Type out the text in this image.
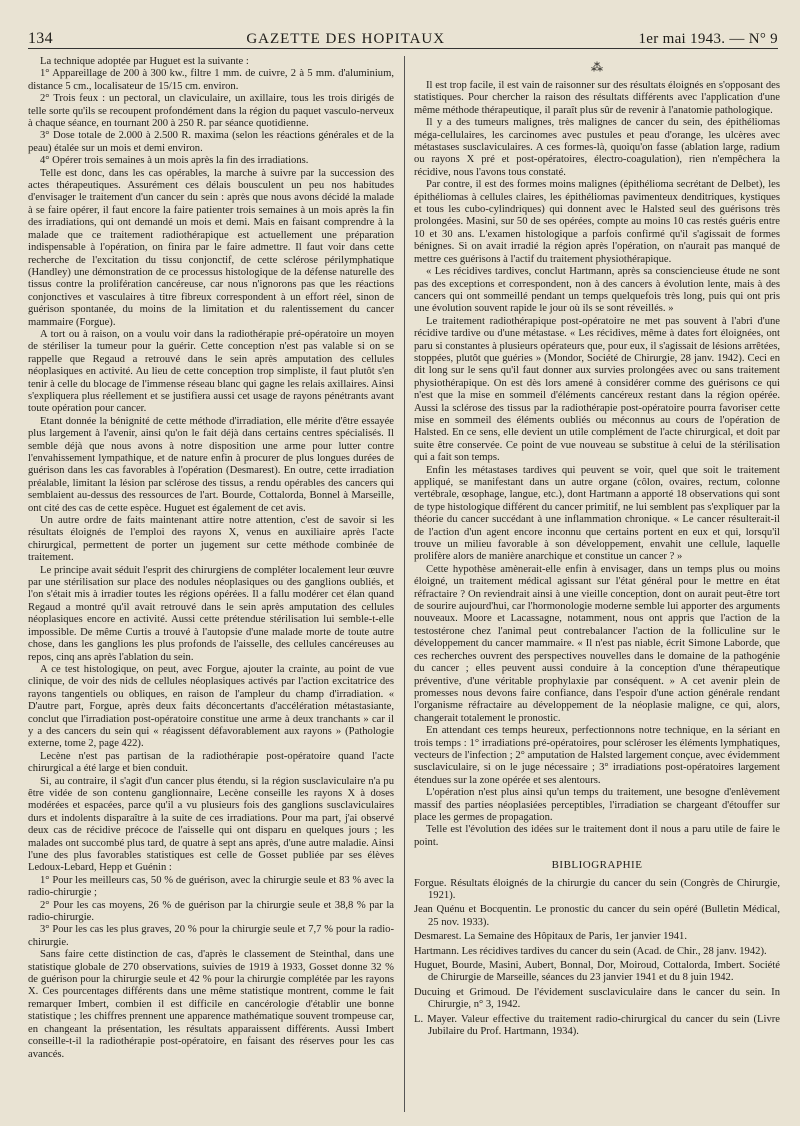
134	GAZETTE DES HOPITAUX	1er mai 1943. — N° 9

La technique adoptée par Huguet est la suivante :

1° Appareillage de 200 à 300 kw., filtre 1 mm. de cuivre, 2 à 5 mm. d'aluminium, distance 5 cm., localisateur de 15/15 cm. environ.

2° Trois feux : un pectoral, un claviculaire, un axillaire, tous les trois dirigés de telle sorte qu'ils se recoupent profondément dans la région du paquet vasculo-nerveux à chaque séance, en tournant 200 à 250 R. par séance quotidienne.

3° Dose totale de 2.000 à 2.500 R. maxima (selon les réactions générales et de la peau) étalée sur un mois et demi environ.

4° Opérer trois semaines à un mois après la fin des irradiations.

Telle est donc, dans les cas opérables, la marche à suivre par la succession des actes thérapeutiques. Assurément ces délais bousculent un peu nos habitudes d'envisager le traitement d'un cancer du sein : après que nous avons décidé la malade à se faire opérer, il faut encore la faire patienter trois semaines à un mois après la fin des irradiations, qui ont demandé un mois et demi. Mais en faisant comprendre à la malade que ce traitement radiothérapique est actuellement une préparation indispensable à l'opération, on finira par le faire admettre. Il faut voir dans cette recherche de l'excitation du tissu conjonctif, de cette sclérose périlymphatique (Handley) une démonstration de ce processus histologique de la défense naturelle des tissus contre la prolifération cancéreuse, car nous n'ignorons pas que les réactions conjonctives et vasculaires à titre fibreux correspondent à un effort réel, sinon de guérison spontanée, du moins de la limitation et du ralentissement du cancer mammaire (Forgue).

A tort ou à raison, on a voulu voir dans la radiothérapie pré-opératoire un moyen de stériliser la tumeur pour la guérir. Cette conception n'est pas valable si on se rappelle que Regaud a retrouvé dans le sein après amputation des cellules néoplasiques en activité. Au lieu de cette conception trop simpliste, il faut plutôt s'en tenir à celle du blocage de l'immense réseau blanc qui gagne les relais axillaires. Ainsi s'expliquera plus réellement et se justifiera aussi cet usage de rayons pénétrants avant toute opération pour cancer.

Etant donnée la bénignité de cette méthode d'irradiation, elle mérite d'être essayée plus largement à l'avenir, ainsi qu'on le fait déjà dans certains centres spécialisés. Il semble déjà que nous avons à notre disposition une arme pour lutter contre l'envahissement lympathique, et de nature enfin à procurer de plus longues durées de guérison dans les cas favorables à l'opération (Desmarest). En outre, cette irradiation préalable, limitant la lésion par sclérose des tissus, a rendu opérables des cancers qui semblaient au-dessus des ressources de l'art. Bourde, Cottalorda, Bonnel à Marseille, ont cité des cas de cette espèce. Huguet est également de cet avis.

Un autre ordre de faits maintenant attire notre attention, c'est de savoir si les résultats éloignés de l'emploi des rayons X, venus en auxiliaire après l'acte chirurgical, permettent de porter un jugement sur cette méthode combinée de traitement.

Le principe avait séduit l'esprit des chirurgiens de compléter localement leur œuvre par une stérilisation sur place des nodules néoplasiques ou des ganglions oubliés, et l'on s'était mis à irradier toutes les régions opérées. Il a fallu modérer cet élan quand Regaud a montré qu'il avait retrouvé dans le sein après amputation des cellules néoplasiques encore en activité. Aussi cette prétendue stérilisation lui semble-t-elle impossible. De même Curtis a trouvé à l'autopsie d'une malade morte de toute autre chose, dans les ganglions les plus profonds de l'aisselle, des cellules cancéreuses au repos, cinq ans après l'ablation du sein.

A ce test histologique, on peut, avec Forgue, ajouter la crainte, au point de vue clinique, de voir des nids de cellules néoplasiques activés par l'action excitatrice des rayons tangentiels ou obliques, en raison de l'ampleur du champ d'irradiation. « D'autre part, Forgue, après deux faits déconcertants d'accélération métastasiante, conclut que l'irradiation post-opératoire constitue une arme à deux tranchants » car il y a des cancers du sein qui « réagissent défavorablement aux rayons » (Pathologie externe, tome 2, page 422).

Lecène n'est pas partisan de la radiothérapie post-opératoire quand l'acte chirurgical a été large et bien conduit.

Si, au contraire, il s'agit d'un cancer plus étendu, si la région susclaviculaire n'a pu être vidée de son contenu ganglionnaire, Lecène conseille les rayons X à doses modérées et espacées, parce qu'il a vu plusieurs fois des ganglions susclaviculaires durs et indolents disparaître à la suite de ces irradiations. Pour ma part, j'ai observé deux cas de récidive précoce de l'aisselle qui ont disparu en quelques jours ; les malades ont succombé plus tard, de quatre à sept ans après, d'une autre maladie. Ainsi l'une des plus favorables statistiques est celle de Gosset publiée par ses élèves Ledoux-Lebard, Hepp et Guénin :

1° Pour les meilleurs cas, 50 % de guérison, avec la chirurgie seule et 83 % avec la radio-chirurgie ;

2° Pour les cas moyens, 26 % de guérison par la chirurgie seule et 38,8 % par la radio-chirurgie.

3° Pour les cas les plus graves, 20 % pour la chirurgie seule et 7,7 % pour la radio-chirurgie.

Sans faire cette distinction de cas, d'après le classement de Steinthal, dans une statistique globale de 270 observations, suivies de 1919 à 1933, Gosset donne 32 % de guérison pour la chirurgie seule et 42 % pour la chirurgie complétée par les rayons X. Ces pourcentages différents dans une même statistique montrent, comme le fait remarquer Imbert, combien il est difficile en cancérologie d'établir une bonne statistique ; les chiffres prennent une apparence mathématique souvent trompeuse car, en changeant la présentation, les résultats apparaissent différents. Aussi Imbert conseille-t-il la radiothérapie post-opératoire, en faisant des réserves pour les cas avancés.

⁂

Il est trop facile, il est vain de raisonner sur des résultats éloignés en s'opposant des statistiques. Pour chercher la raison des résultats différents avec l'application d'une même méthode thérapeutique, il paraît plus sûr de revenir à l'anatomie pathologique.

Il y a des tumeurs malignes, très malignes de cancer du sein, des épithéliomas méga-cellulaires, les carcinomes avec pustules et peau d'orange, les ulcères avec métastases susclaviculaires. A ces formes-là, quoiqu'on fasse (ablation large, radium ou rayons X pré et post-opératoires, électro-coagulation), rien n'empêchera la récidive, nous l'avons tous constaté.

Par contre, il est des formes moins malignes (épithélioma secrétant de Delbet), les épithéliomas à cellules claires, les épithéliomas pavimenteux denditriques, kystiques et tous les cubo-cylindriques) qui donnent avec le Halsted seul des guérisons très prolongées. Masini, sur 50 de ses opérées, compte au moins 10 cas restés guéris entre 10 et 30 ans. L'examen histologique a parfois confirmé qu'il s'agissait de formes bénignes. Si on avait irradié la région après l'opération, on n'aurait pas manqué de mettre ces guérisons à l'actif du traitement physiothérapique.

« Les récidives tardives, conclut Hartmann, après sa consciencieuse étude ne sont pas des exceptions et correspondent, non à des cancers à évolution lente, mais à des cancers qui ont sommeillé pendant un temps quelquefois très long, puis qui ont pris une évolution souvent rapide le jour où ils se sont réveillés. »

Le traitement radiothérapique post-opératoire ne met pas souvent à l'abri d'une récidive tardive ou d'une métastase. « Les récidives, même à dates fort éloignées, ont paru si constantes à plusieurs opérateurs que, pour eux, il s'agissait de lésions arrêtées, stoppées, plutôt que guéries » (Mondor, Société de Chirurgie, 28 janv. 1942). Ceci en dit long sur le sens qu'il faut donner aux survies prolongées avec ou sans traitement physiothérapique. On est dès lors amené à considérer comme des guérisons ce qui n'est que la mise en sommeil d'éléments cancéreux restant dans la région opérée. Aussi la sclérose des tissus par la radiothérapie post-opératoire pourra favoriser cette mise en sommeil des éléments oubliés ou méconnus au cours de l'opération de Halsted. En ce sens, elle devient un utile complément de l'acte chirurgical, et doit par suite être conservée. Ce point de vue nouveau se substitue à celui de la stérilisation qui a fait son temps.

Enfin les métastases tardives qui peuvent se voir, quel que soit le traitement appliqué, se manifestant dans un autre organe (côlon, ovaires, rectum, colonne vertébrale, œsophage, langue, etc.), dont Hartmann a apporté 18 observations qui sont de type histologique différent du cancer primitif, ne lui semblent pas s'expliquer par la théorie du cancer succédant à une inflammation chronique. « Le cancer résulterait-il de l'action d'un agent encore inconnu que certains portent en eux et qui, lorsqu'il trouve un milieu favorable à son développement, envahit une cellule, laquelle prolifère alors de manière anarchique et constitue un cancer ? »

Cette hypothèse amènerait-elle enfin à envisager, dans un temps plus ou moins éloigné, un traitement médical agissant sur l'état général pour le mettre en état réfractaire ? On reviendrait ainsi à une vieille conception, dont on aurait peut-être tort de sourire aujourd'hui, car l'hormonologie moderne semble lui apporter des arguments nouveaux. Moore et Lacassagne, notamment, nous ont appris que l'action de la testostérone chez l'animal peut contrebalancer l'action de la folliculine sur le développement du cancer mammaire. « Il n'est pas niable, écrit Simone Laborde, que ces recherches ouvrent des perspectives nouvelles dans le domaine de la pathogénie du cancer ; elles peuvent aussi conduire à la conception d'une thérapeutique préventive, d'une véritable prophylaxie par conséquent. » A cet avenir plein de promesses nous devons faire confiance, dans l'espoir d'une action générale rendant l'organisme réfractaire au développement de la néoplasie maligne, ce qui, alors, changerait totalement le pronostic.

En attendant ces temps heureux, perfectionnons notre technique, en la sériant en trois temps : 1° irradiations pré-opératoires, pour scléroser les éléments lymphatiques, vecteurs de l'infection ; 2° amputation de Halsted largement conçue, avec évidemment susclaviculaire, si on le juge nécessaire ; 3° irradiations post-opératoires largement étendues sur la zone opérée et ses alentours.

L'opération n'est plus ainsi qu'un temps du traitement, une besogne d'enlèvement massif des parties néoplasiées perceptibles, l'irradiation se chargeant d'étouffer sur place les germes de propagation.

Telle est l'évolution des idées sur le traitement dont il nous a paru utile de faire le point.

BIBLIOGRAPHIE

Forgue. Résultats éloignés de la chirurgie du cancer du sein (Congrès de Chirurgie, 1921).

Jean Quénu et Bocquentin. Le pronostic du cancer du sein opéré (Bulletin Médical, 25 nov. 1933).

Desmarest. La Semaine des Hôpitaux de Paris, 1er janvier 1941.

Hartmann. Les récidives tardives du cancer du sein (Acad. de Chir., 28 janv. 1942).

Huguet, Bourde, Masini, Aubert, Bonnal, Dor, Moiroud, Cottalorda, Imbert. Société de Chirurgie de Marseille, séances du 23 janvier 1941 et du 8 juin 1942.

Ducuing et Grimoud. De l'évidement susclaviculaire dans le cancer du sein. In Chirurgie, n° 3, 1942.

L. Mayer. Valeur effective du traitement radio-chirurgical du cancer du sein (Livre Jubilaire du Prof. Hartmann, 1934).
